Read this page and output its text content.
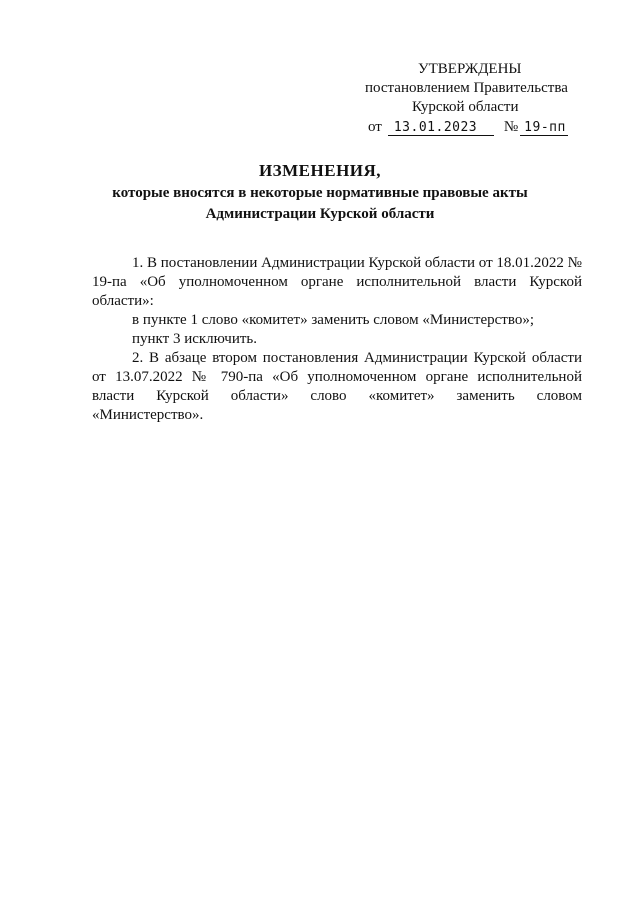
УТВЕРЖДЕНЫ
постановлением Правительства
Курской области
от 13.01.2023 № 19-пп
ИЗМЕНЕНИЯ,
которые вносятся в некоторые нормативные правовые акты
Администрации Курской области

1. В постановлении Администрации Курской области от 18.01.2022 № 19-па «Об уполномоченном органе исполнительной власти Курской области»:

в пункте 1 слово «комитет» заменить словом «Министерство»;

пункт 3 исключить.

2. В абзаце втором постановления Администрации Курской области от 13.07.2022 № 790-па «Об уполномоченном органе исполнительной власти Курской области» слово «комитет» заменить словом «Министерство».
